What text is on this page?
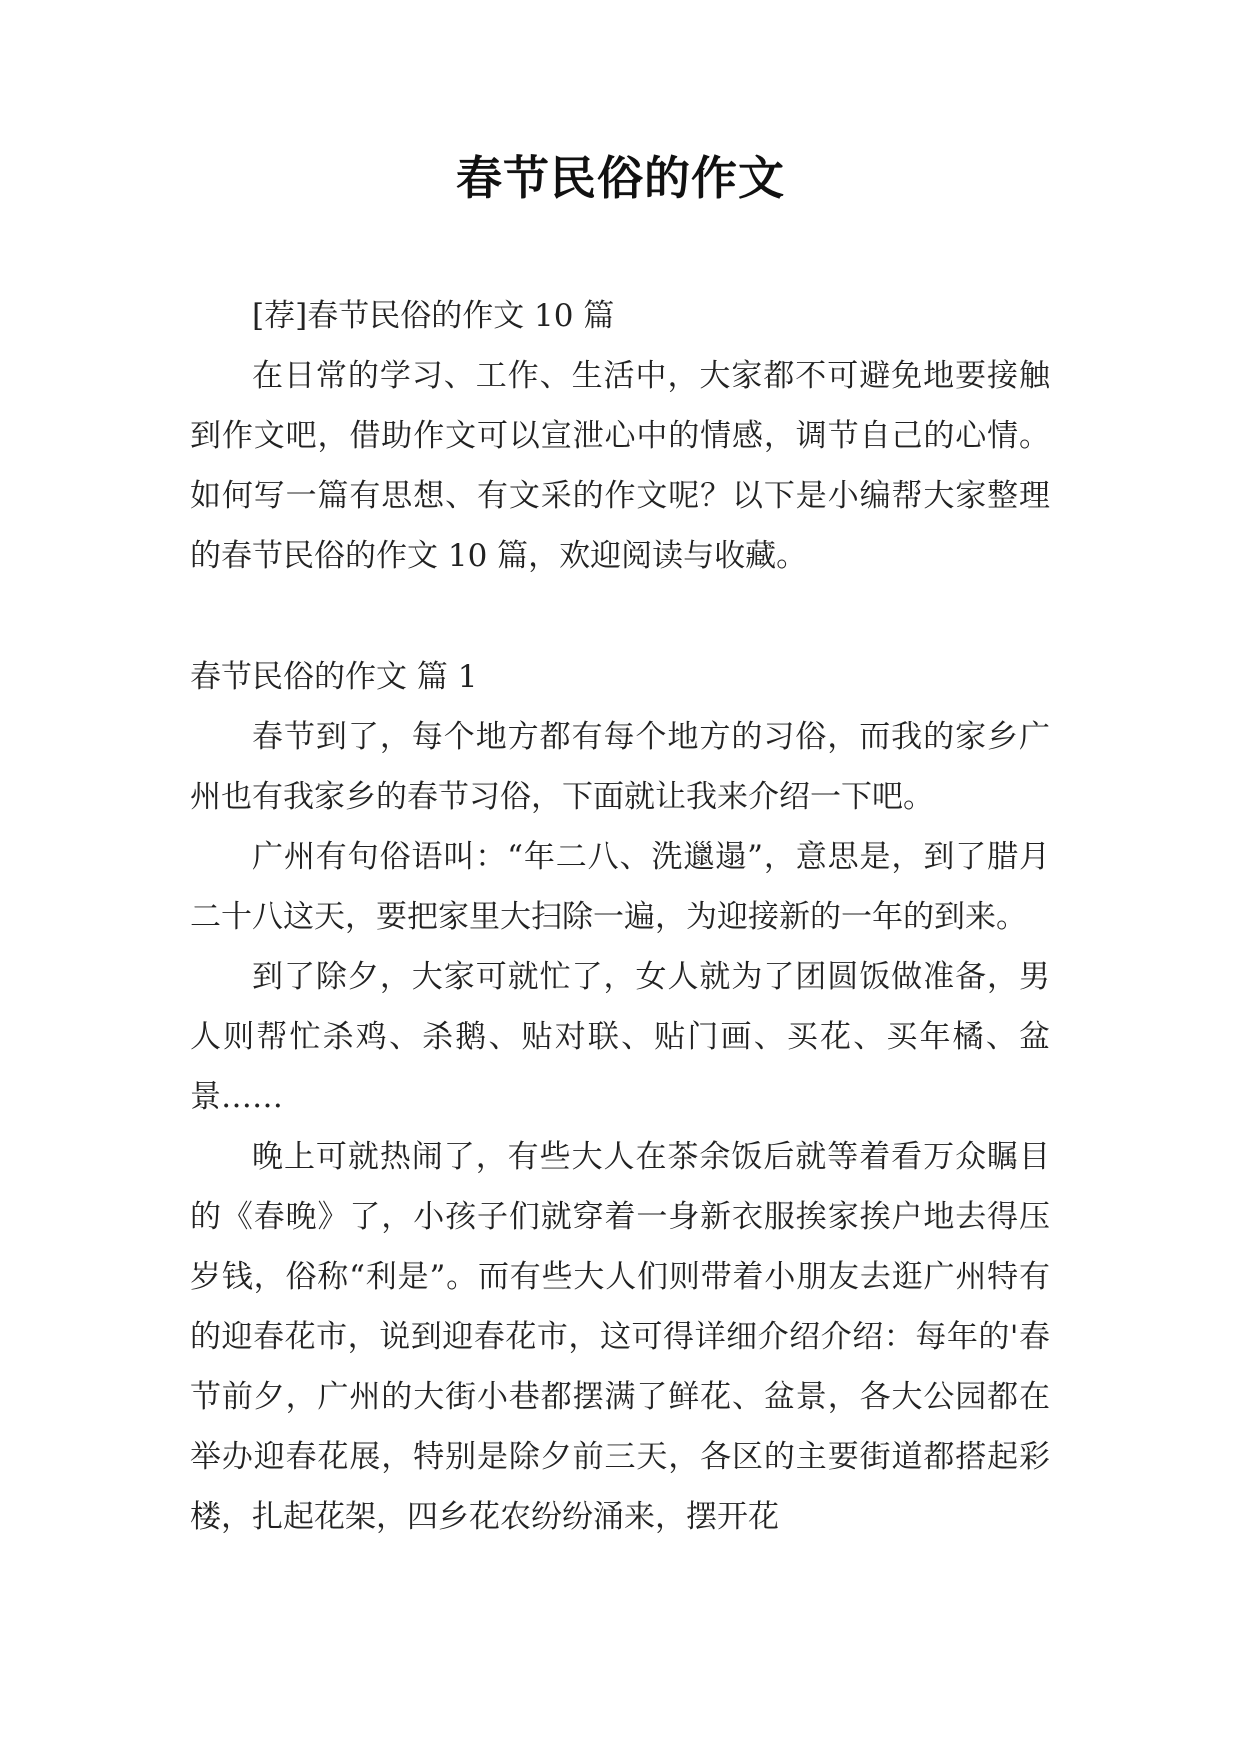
春节民俗的作文

[荐]春节民俗的作文 10 篇

在日常的学习、工作、生活中，大家都不可避免地要接触到作文吧，借助作文可以宣泄心中的情感，调节自己的心情。如何写一篇有思想、有文采的作文呢？以下是小编帮大家整理的春节民俗的作文 10 篇，欢迎阅读与收藏。

春节民俗的作文 篇 1

春节到了，每个地方都有每个地方的习俗，而我的家乡广州也有我家乡的春节习俗，下面就让我来介绍一下吧。

广州有句俗语叫：“年二八、洗邋遢”，意思是，到了腊月二十八这天，要把家里大扫除一遍，为迎接新的一年的到来。

到了除夕，大家可就忙了，女人就为了团圆饭做准备，男人则帮忙杀鸡、杀鹅、贴对联、贴门画、买花、买年橘、盆景……

晚上可就热闹了，有些大人在茶余饭后就等着看万众瞩目的《春晚》了，小孩子们就穿着一身新衣服挨家挨户地去得压岁钱，俗称“利是”。而有些大人们则带着小朋友去逛广州特有的迎春花市，说到迎春花市，这可得详细介绍介绍：每年的'春节前夕，广州的大街小巷都摆满了鲜花、盆景，各大公园都在举办迎春花展，特别是除夕前三天，各区的主要街道都搭起彩楼，扎起花架，四乡花农纷纷涌来，摆开花
